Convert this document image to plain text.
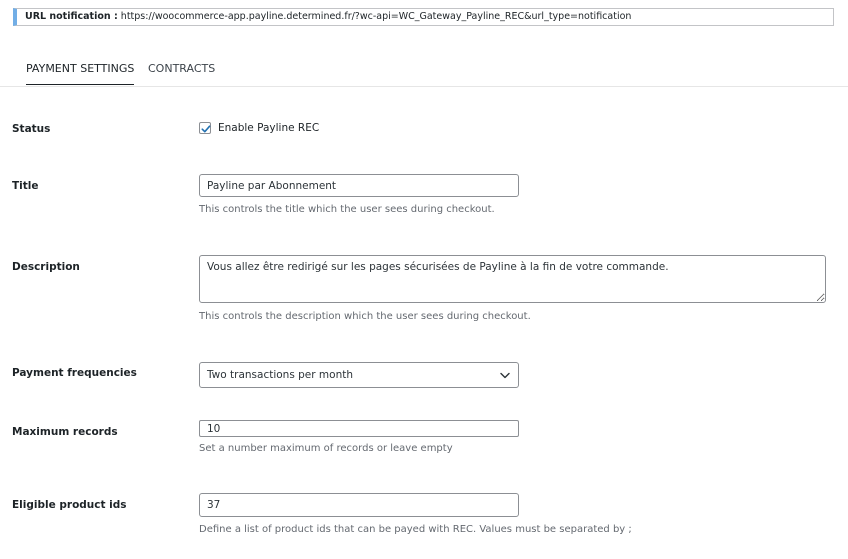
URL notification : https://woocommerce-app.payline.determined.fr/?wc-api=WC_Gateway_Payline_REC&url_type=notification
PAYMENT SETTINGS CONTRACTS
Status	Enable Payline REC
Title
Payline par Abonnement
This controls the title which the user sees during checkout.
Description
Vous allez être redirigé sur les pages sécurisées de Payline à la fin de votre commande.
This controls the description which the user sees during checkout.
Payment frequencies	Two transactions per month
Maximum records
10
Set a number maximum of records or leave empty
Eligible product ids
37
Define a list of product ids that can be payed with REC. Values must be separated by ;
